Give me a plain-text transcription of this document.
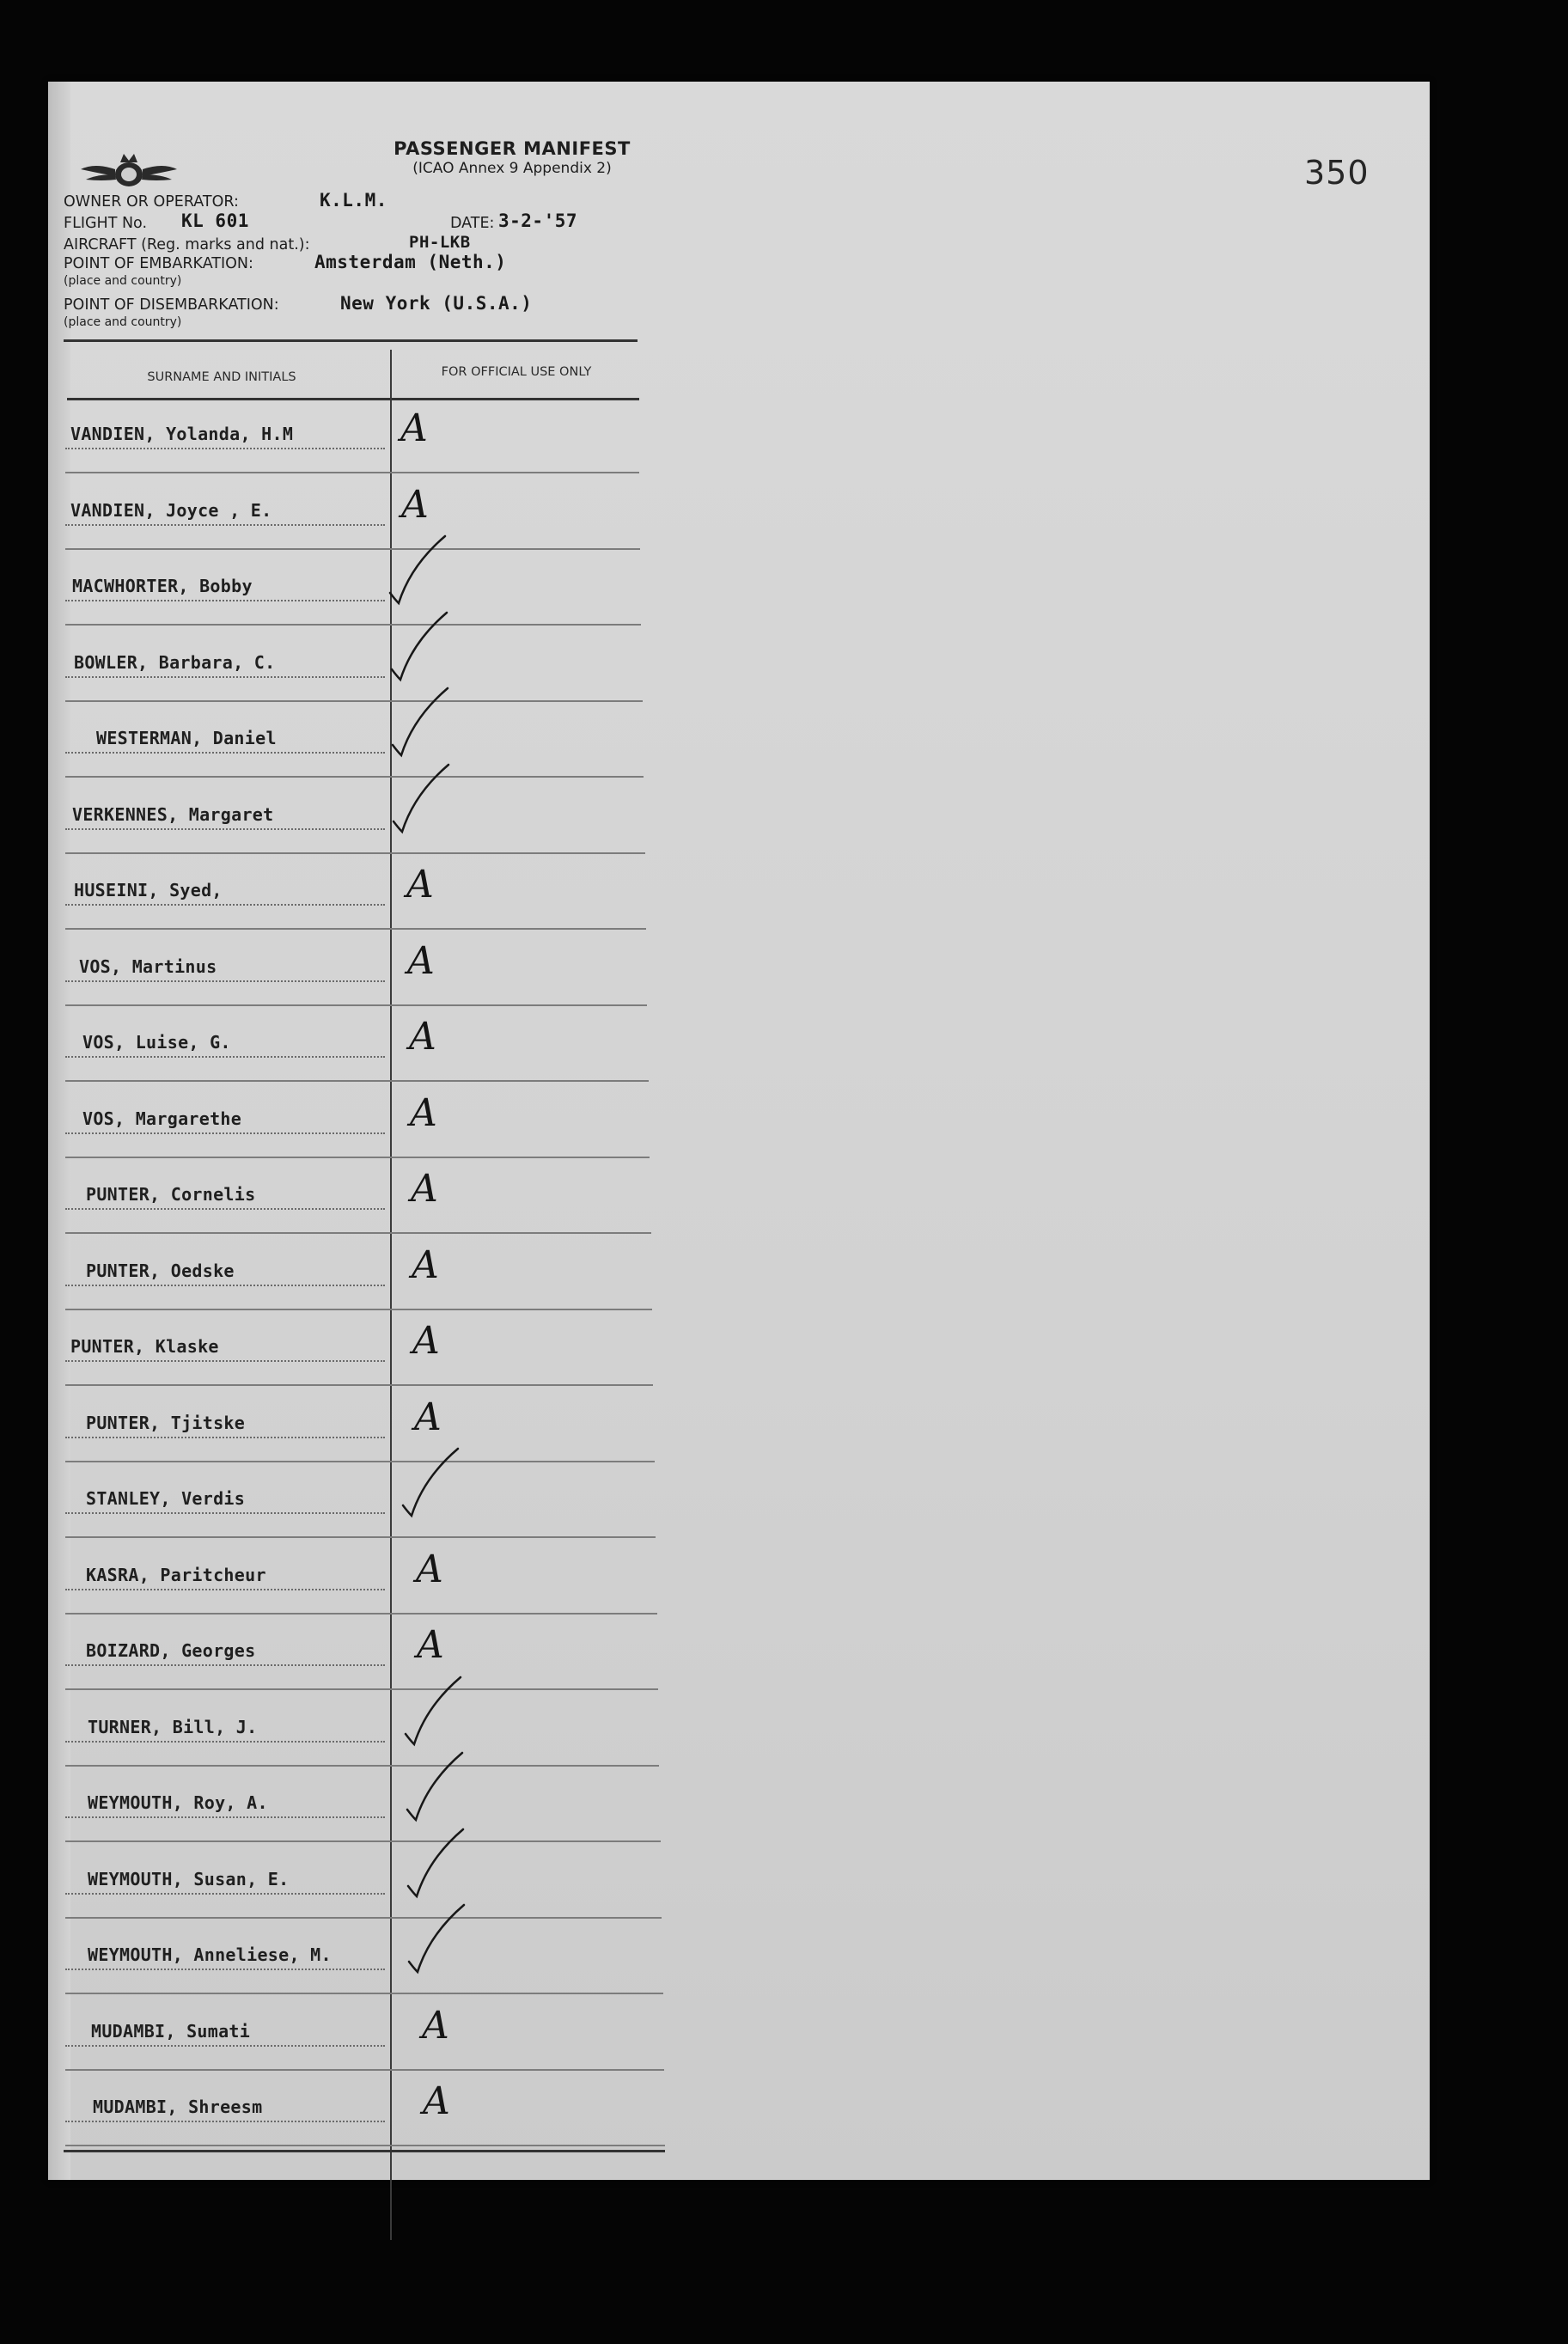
PASSENGER MANIFEST
(ICAO Annex 9 Appendix 2)	350
OWNER OR OPERATOR:	K.L.M.
FLIGHT No. KL 601	DATE: 3-2-'57
AIRCRAFT (Reg. marks and nat.):	PH-LKB
POINT OF EMBARKATION:	Amsterdam (Neth.)
(place and country)
POINT OF DISEMBARKATION:	New York (U.S.A.)
(place and country)
SURNAME AND INITIALS	FOR OFFICIAL USE ONLY
VANDIEN, Yolanda, H.M	A
VANDIEN, Joyce , E.	A
MACWHORTER, Bobby
BOWLER, Barbara, C.
WESTERMAN, Daniel
VERKENNES, Margaret
HUSEINI, Syed,	A
VOS, Martinus	A
VOS, Luise, G.	A
VOS, Margarethe	A
PUNTER, Cornelis	A
PUNTER, Oedske	A
PUNTER, Klaske	A
PUNTER, Tjitske	A
STANLEY, Verdis
KASRA, Paritcheur	A
BOIZARD, Georges	A
TURNER, Bill, J.
WEYMOUTH, Roy, A.
WEYMOUTH, Susan, E.
WEYMOUTH, Anneliese, M.
MUDAMBI, Sumati	A
MUDAMBI, Shreesm	A
